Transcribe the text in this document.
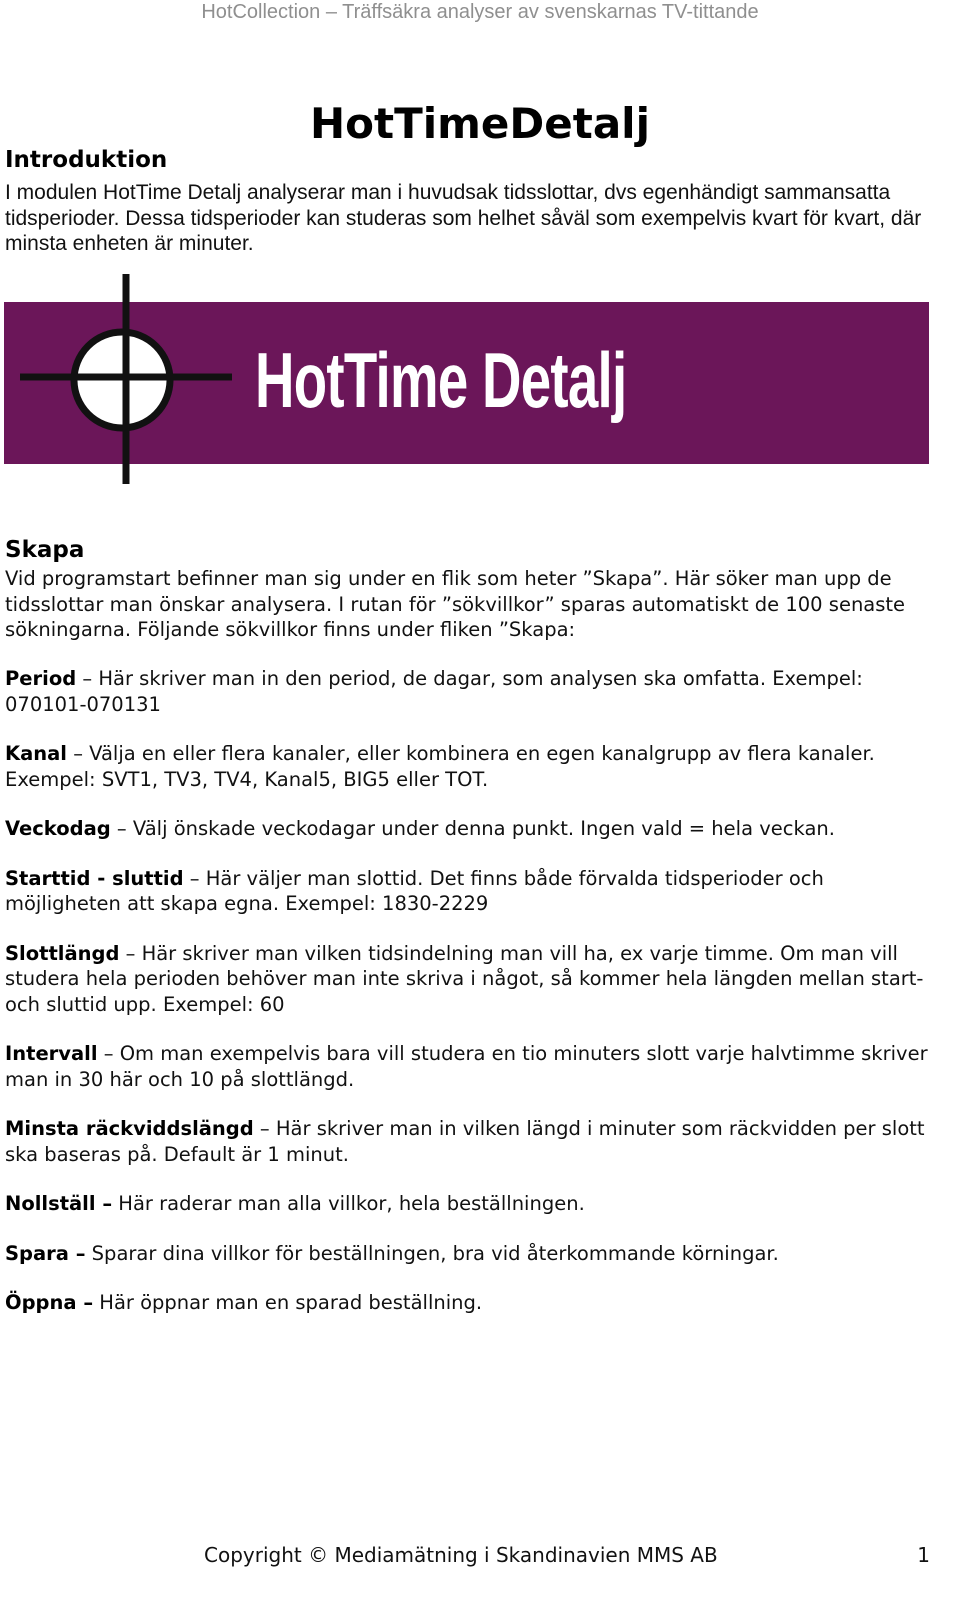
HotCollection – Träffsäkra analyser av svenskarnas TV-tittande
HotTimeDetalj
Introduktion

I modulen HotTime Detalj analyserar man i huvudsak tidsslottar, dvs egenhändigt sammansatta tidsperioder. Dessa tidsperioder kan studeras som helhet såväl som exempelvis kvart för kvart, där minsta enheten är minuter.

HotTime Detalj
Skapa

Vid programstart befinner man sig under en flik som heter ”Skapa”. Här söker man upp de tidsslottar man önskar analysera. I rutan för ”sökvillkor” sparas automatiskt de 100 senaste sökningarna. Följande sökvillkor finns under fliken ”Skapa:

Period – Här skriver man in den period, de dagar, som analysen ska omfatta. Exempel: 070101-070131

Kanal – Välja en eller flera kanaler, eller kombinera en egen kanalgrupp av flera kanaler. Exempel: SVT1, TV3, TV4, Kanal5, BIG5 eller TOT.

Veckodag – Välj önskade veckodagar under denna punkt. Ingen vald = hela veckan.

Starttid - sluttid – Här väljer man slottid. Det finns både förvalda tidsperioder och möjligheten att skapa egna. Exempel: 1830-2229

Slottlängd – Här skriver man vilken tidsindelning man vill ha, ex varje timme. Om man vill studera hela perioden behöver man inte skriva i något, så kommer hela längden mellan start- och sluttid upp. Exempel: 60

Intervall – Om man exempelvis bara vill studera en tio minuters slott varje halvtimme skriver man in 30 här och 10 på slottlängd.

Minsta räckviddslängd – Här skriver man in vilken längd i minuter som räckvidden per slott ska baseras på. Default är 1 minut.

Nollställ – Här raderar man alla villkor, hela beställningen.

Spara – Sparar dina villkor för beställningen, bra vid återkommande körningar.

Öppna – Här öppnar man en sparad beställning.

Copyright © Mediamätning i Skandinavien MMS AB	1
